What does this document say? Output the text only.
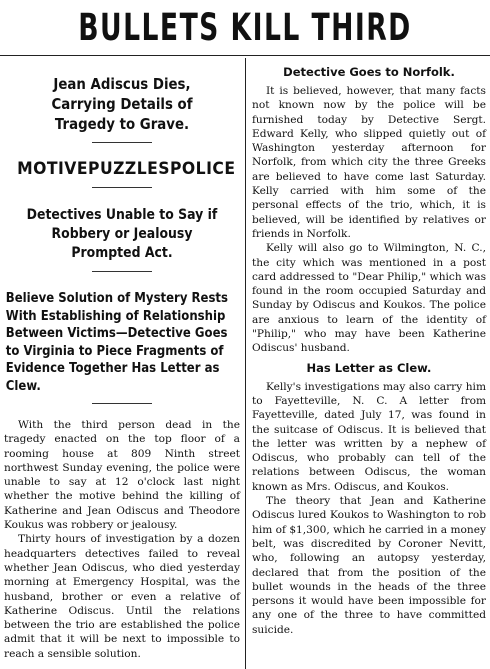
BULLETS KILL THIRD
Jean Adiscus Dies, Carrying Details of Tragedy to Grave.
MOTIVE PUZZLES POLICE
Detectives Unable to Say if Robbery or Jealousy Prompted Act.
Believe Solution of Mystery Rests With Establishing of Relationship Between Victims—Detective Goes to Virginia to Piece Fragments of Evidence Together Has Letter as Clew.

With the third person dead in the tragedy enacted on the top floor of a rooming house at 809 Ninth street northwest Sunday evening, the police were unable to say at 12 o'clock last night whether the motive behind the killing of Katherine and Jean Odiscus and Theodore Koukus was robbery or jealousy.

Thirty hours of investigation by a dozen headquarters detectives failed to reveal whether Jean Odiscus, who died yesterday morning at Emergency Hospital, was the husband, brother or even a relative of Katherine Odiscus. Until the relations between the trio are established the police admit that it will be next to impossible to reach a sensible solution.

Detective Goes to Norfolk.

It is believed, however, that many facts not known now by the police will be furnished today by Detective Sergt. Edward Kelly, who slipped quietly out of Washington yesterday afternoon for Norfolk, from which city the three Greeks are believed to have come last Saturday. Kelly carried with him some of the personal effects of the trio, which, it is believed, will be identified by relatives or friends in Norfolk.

Kelly will also go to Wilmington, N. C., the city which was mentioned in a post card addressed to "Dear Philip," which was found in the room occupied Saturday and Sunday by Odiscus and Koukos. The police are anxious to learn of the identity of "Philip," who may have been Katherine Odiscus' husband.

Has Letter as Clew.

Kelly's investigations may also carry him to Fayetteville, N. C. A letter from Fayetteville, dated July 17, was found in the suitcase of Odiscus. It is believed that the letter was written by a nephew of Odiscus, who probably can tell of the relations between Odiscus, the woman known as Mrs. Odiscus, and Koukos.

The theory that Jean and Katherine Odiscus lured Koukos to Washington to rob him of $1,300, which he carried in a money belt, was discredited by Coroner Nevitt, who, following an autopsy yesterday, declared that from the position of the bullet wounds in the heads of the three persons it would have been impossible for any one of the three to have committed suicide.
